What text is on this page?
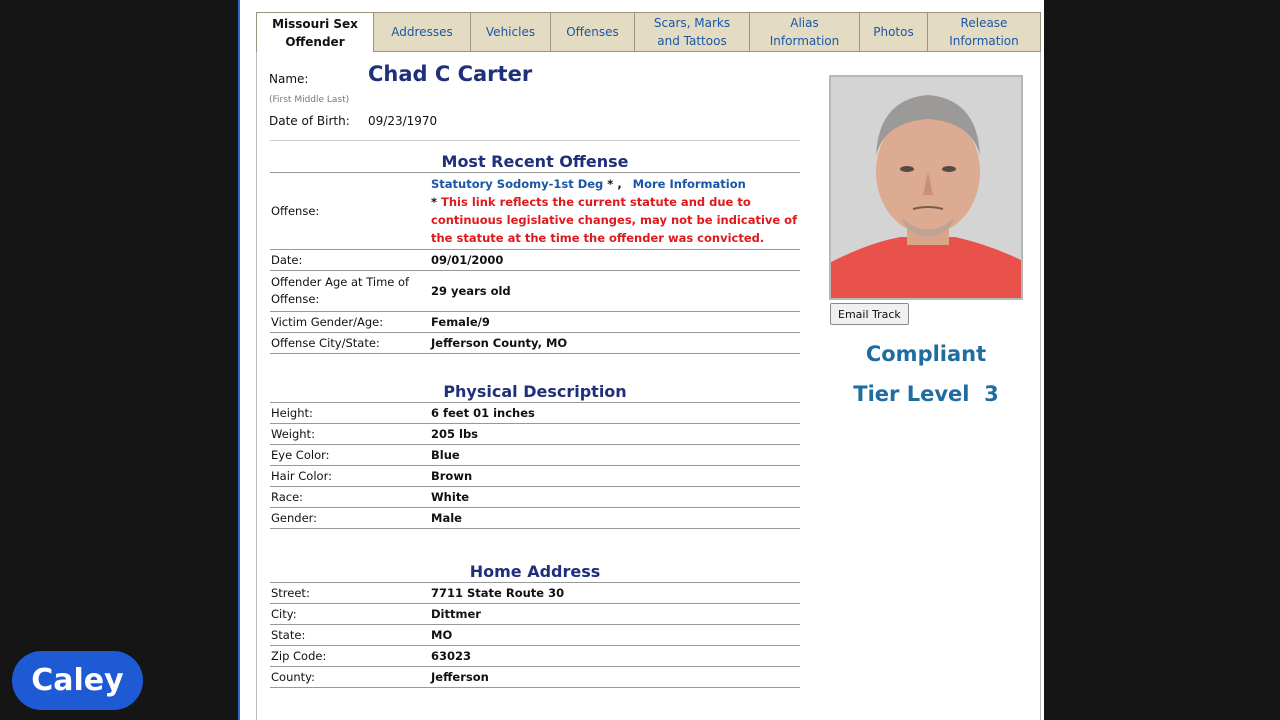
Missouri Sex
Offender
Addresses	Vehicles	Offenses
Scars, Marks
and Tattoos
Alias
Information
Photos
Release
Information
Name:
(First Middle Last)
Chad C Carter
Date of Birth: 09/23/1970
Most Recent Offense
Offense:	Statutory Sodomy-1st Deg * , More Information
* This link reflects the current statute and due to continuous legislative changes, may not be indicative of the statute at the time the offender was convicted.
Date:	09/01/2000
Offender Age at Time of Offense:	29 years old
Victim Gender/Age:	Female/9
Offense City/State:	Jefferson County, MO
Physical Description
Height:	6 feet 01 inches
Weight:	205 lbs
Eye Color:	Blue
Hair Color:	Brown
Race:	White
Gender:	Male
Home Address
Street:	7711 State Route 30
City:	Dittmer
State:	MO
Zip Code:	63023
County:	Jefferson
Email Track
Compliant
Tier Level  3
Caley
